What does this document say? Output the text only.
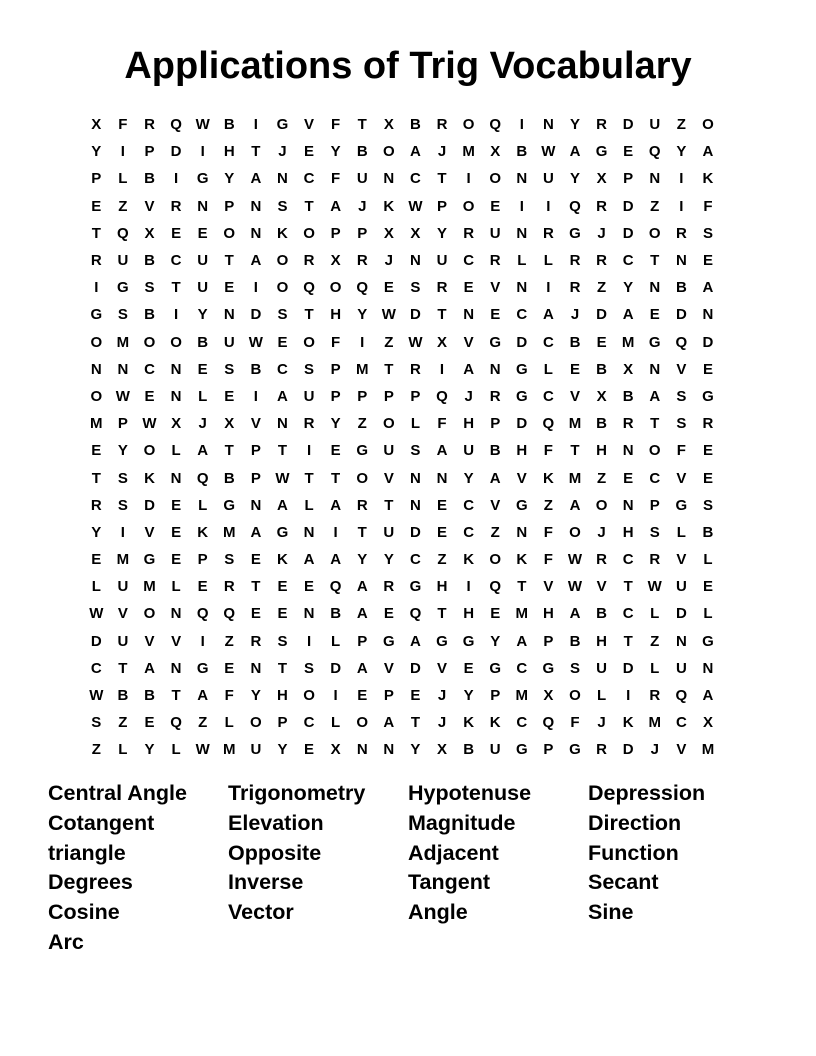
Applications of Trig Vocabulary
X	F	R	Q W B	I	G	V	F	T	X	B	R	O Q	I	N	Y	R	D	U	Z	O
Y	I	P	D	I	H	T	J	E	Y	B	O	A	J	M	X	B W A	G	E	Q	Y	A
P	L	B	I	G	Y	A	N	C	F	U	N	C	T	I	O	N	U	Y	X	P	N	I	K
E	Z	V	R	N	P	N	S	T	A	J	K W P	O	E	I	I	Q	R	D	Z	I	F
T	Q	X	E	E	O	N	K	O	P	P	X	X	Y	R	U	N	R	G	J	D	O	R	S
R	U	B	C	U	T	A	O	R	X	R	J	N	U	C	R	L	L	R	R	C	T	N	E
I	G	S	T	U	E	I	O Q O Q	E	S	R	E	V	N	I	R	Z	Y	N	B	A
G	S	B	I	Y	N	D	S	T	H	Y W D	T	N	E	C	A	J	D	A	E	D	N
O M O O	B	U W E	O	F	I	Z W X	V	G	D	C	B	E	M G Q	D
N	N	C	N	E	S	B	C	S	P	M	T	R	I	A	N	G	L	E	B	X	N	V	E
O W E	N	L	E	I	A	U	P	P	P	P	Q	J	R	G	C	V	X	B	A	S	G
M	P W X	J	X	V	N	R	Y	Z	O	L	F	H	P	D	Q M B	R	T	S	R
E	Y	O	L	A	T	P	T	I	E	G	U	S	A	U	B	H	F	T	H	N	O	F	E
T	S	K	N	Q	B	P W T	T	O	V	N	N	Y	A	V	K M	Z	E	C	V	E
R	S	D	E	L	G	N	A	L	A	R	T	N	E	C	V	G	Z	A	O	N	P	G	S
Y	I	V	E	K M A	G	N	I	T	U	D	E	C	Z	N	F	O	J	H	S	L	B
E	M G	E	P	S	E	K	A	A	Y	Y	C	Z	K	O	K	F W R	C	R	V	L
L	U M	L	E	R	T	E	E	Q	A	R	G	H	I	Q	T	V W V	T W U	E
W V	O	N	Q Q	E	E	N	B	A	E	Q	T	H	E	M H	A	B	C	L	D	L
D	U	V	V	I	Z	R	S	I	L	P	G	A	G G	Y	A	P	B	H	T	Z	N	G
C	T	A	N	G	E	N	T	S	D	A	V	D	V	E	G	C	G	S	U	D	L	U	N
W B	B	T	A	F	Y	H	O	I	E	P	E	J	Y	P	M	X	O	L	I	R	Q	A
S	Z	E	Q	Z	L	O	P	C	L	O	A	T	J	K	K	C	Q	F	J	K M C	X
Z	L	Y	L W M U	Y	E	X	N	N	Y	X	B	U	G	P	G	R	D	J	V	M
Central Angle	Trigonometry	Hypotenuse	Depression
Cotangent	Elevation	Magnitude	Direction
triangle	Opposite	Adjacent	Function
Degrees	Inverse	Tangent	Secant
Cosine	Vector	Angle	Sine
Arc
